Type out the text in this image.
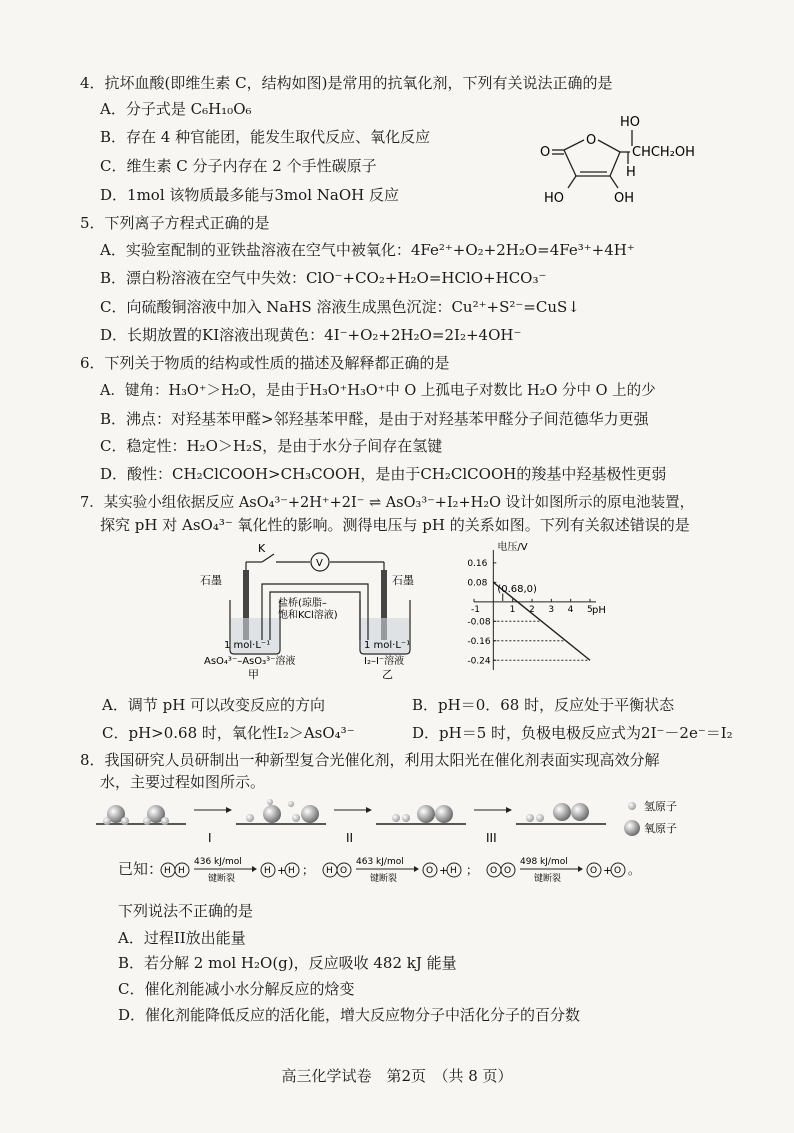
4．抗坏血酸(即维生素 C，结构如图)是常用的抗氧化剂，下列有关说法正确的是
A．分子式是 C₆H₁₀O₆
B．存在 4 种官能团，能发生取代反应、氧化反应
C．维生素 C 分子内存在 2 个手性碳原子
D．1mol 该物质最多能与3mol NaOH 反应
HO
CHCH₂OH
O
O
H
HO	OH
5．下列离子方程式正确的是
A．实验室配制的亚铁盐溶液在空气中被氧化：4Fe²⁺+O₂+2H₂O=4Fe³⁺+4H⁺
B．漂白粉溶液在空气中失效：ClO⁻+CO₂+H₂O=HClO+HCO₃⁻
C．向硫酸铜溶液中加入 NaHS 溶液生成黑色沉淀：Cu²⁺+S²⁻=CuS↓
D．长期放置的KI溶液出现黄色：4I⁻+O₂+2H₂O=2I₂+4OH⁻
6．下列关于物质的结构或性质的描述及解释都正确的是
A．键角：H₃O⁺＞H₂O，是由于H₃O⁺H₃O⁺中 O 上孤电子对数比 H₂O 分中 O 上的少
B．沸点：对羟基苯甲醛>邻羟基苯甲醛，是由于对羟基苯甲醛分子间范德华力更强
C．稳定性：H₂O＞H₂S，是由于水分子间存在氢键
D．酸性：CH₂ClCOOH>CH₃COOH，是由于CH₂ClCOOH的羧基中羟基极性更弱
7．某实验小组依据反应 AsO₄³⁻+2H⁺+2I⁻ ⇌ AsO₃³⁻+I₂+H₂O 设计如图所示的原电池装置，
探究 pH 对 AsO₄³⁻ 氧化性的影响。测得电压与 pH 的关系如图。下列有关叙述错误的是
V
K
石墨	石墨
盐桥(琼脂–
饱和KCl溶液)
1 mol·L⁻¹
AsO₄³⁻–AsO₃³⁻溶液
甲
1 mol·L⁻¹
I₂–I⁻溶液
乙
-1	1 2 3 4 5
0.16
0.08
-0.08
-0.16
-0.24
电压/V
pH
(0.68,0)
l
A．调节 pH 可以改变反应的方向	B．pH＝0．68 时，反应处于平衡状态
C．pH>0.68 时，氧化性I₂＞AsO₄³⁻	D．pH＝5 时，负极电极反应式为2I⁻－2e⁻＝I₂
8．我国研究人员研制出一种新型复合光催化剂，利用太阳光在催化剂表面实现高效分解
水，主要过程如图所示。
I	II	III
氢原子
氧原子
已知： H H
436 kJ/mol
键断裂
H + H ； H O
463 kJ/mol
键断裂
O + H ； O O
498 kJ/mol
键断裂
O + O 。
下列说法不正确的是
A．过程II放出能量
B．若分解 2 mol H₂O(g)，反应吸收 482 kJ 能量
C．催化剂能减小水分解反应的焓变
D．催化剂能降低反应的活化能，增大反应物分子中活化分子的百分数
高三化学试卷　第2页　（共 8 页）
